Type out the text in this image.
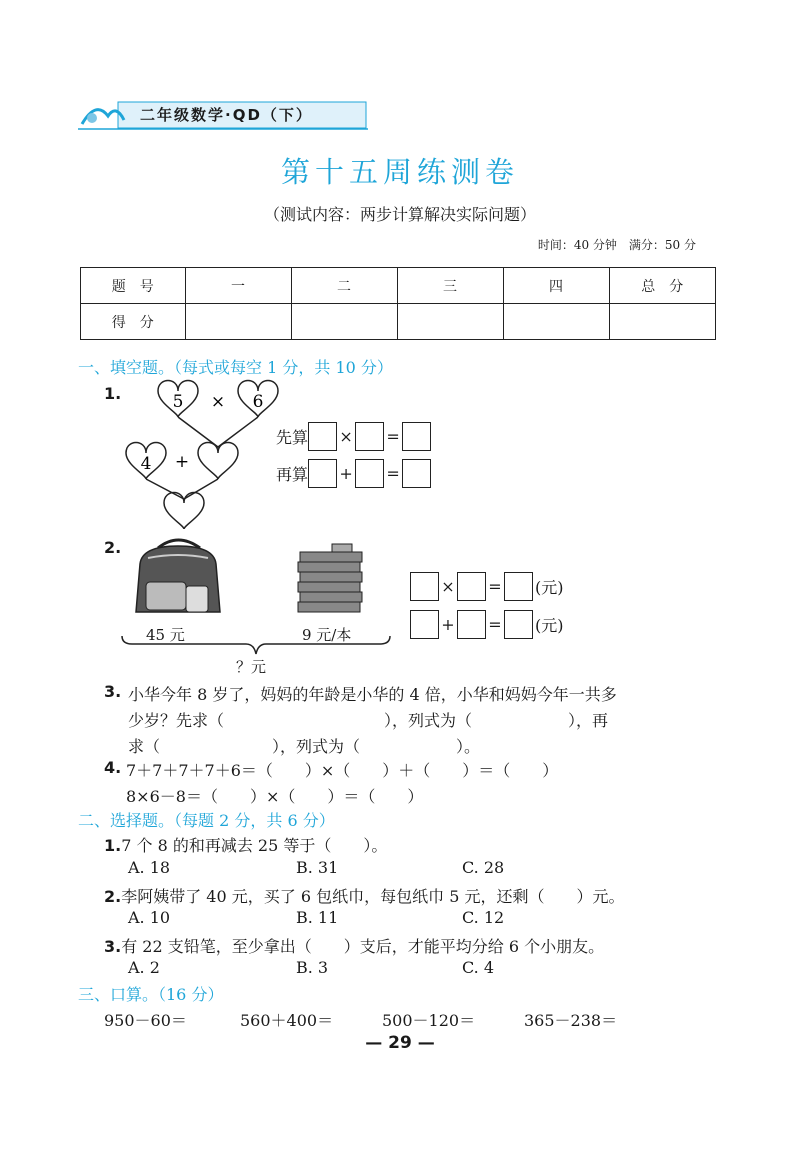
二年级数学·QD（下）
第十五周练测卷
（测试内容：两步计算解决实际问题）
时间：40 分钟　满分：50 分
题　号	一	二	三	四	总　分
得　分					
一、填空题。（每式或每空 1 分，共 10 分）
1.	5 × 6
4 +
先算 × =
再算 + =
2.
45 元	9 元/本
？元
× = (元)
+ = (元)
3. 小华今年 8 岁了，妈妈的年龄是小华的 4 倍，小华和妈妈今年一共多
少岁？先求（　　　　　　　　　　），列式为（　　　　　　），再
求（　　　　　　　），列式为（　　　　　　）。
4. 7＋7＋7＋7＋6＝（　　）×（　　）＋（　　）＝（　　）
8×6－8＝（　　）×（　　）＝（　　）
二、选择题。（每题 2 分，共 6 分）
1.7 个 8 的和再减去 25 等于（　　）。
A. 18	B. 31	C. 28
2.李阿姨带了 40 元，买了 6 包纸巾，每包纸巾 5 元，还剩（　　）元。
A. 10	B. 11	C. 12
3.有 22 支铅笔，至少拿出（　　）支后，才能平均分给 6 个小朋友。
A. 2	B. 3	C. 4
三、口算。（16 分）
950－60＝	560＋400＝	500－120＝	365－238＝
— 29 —
